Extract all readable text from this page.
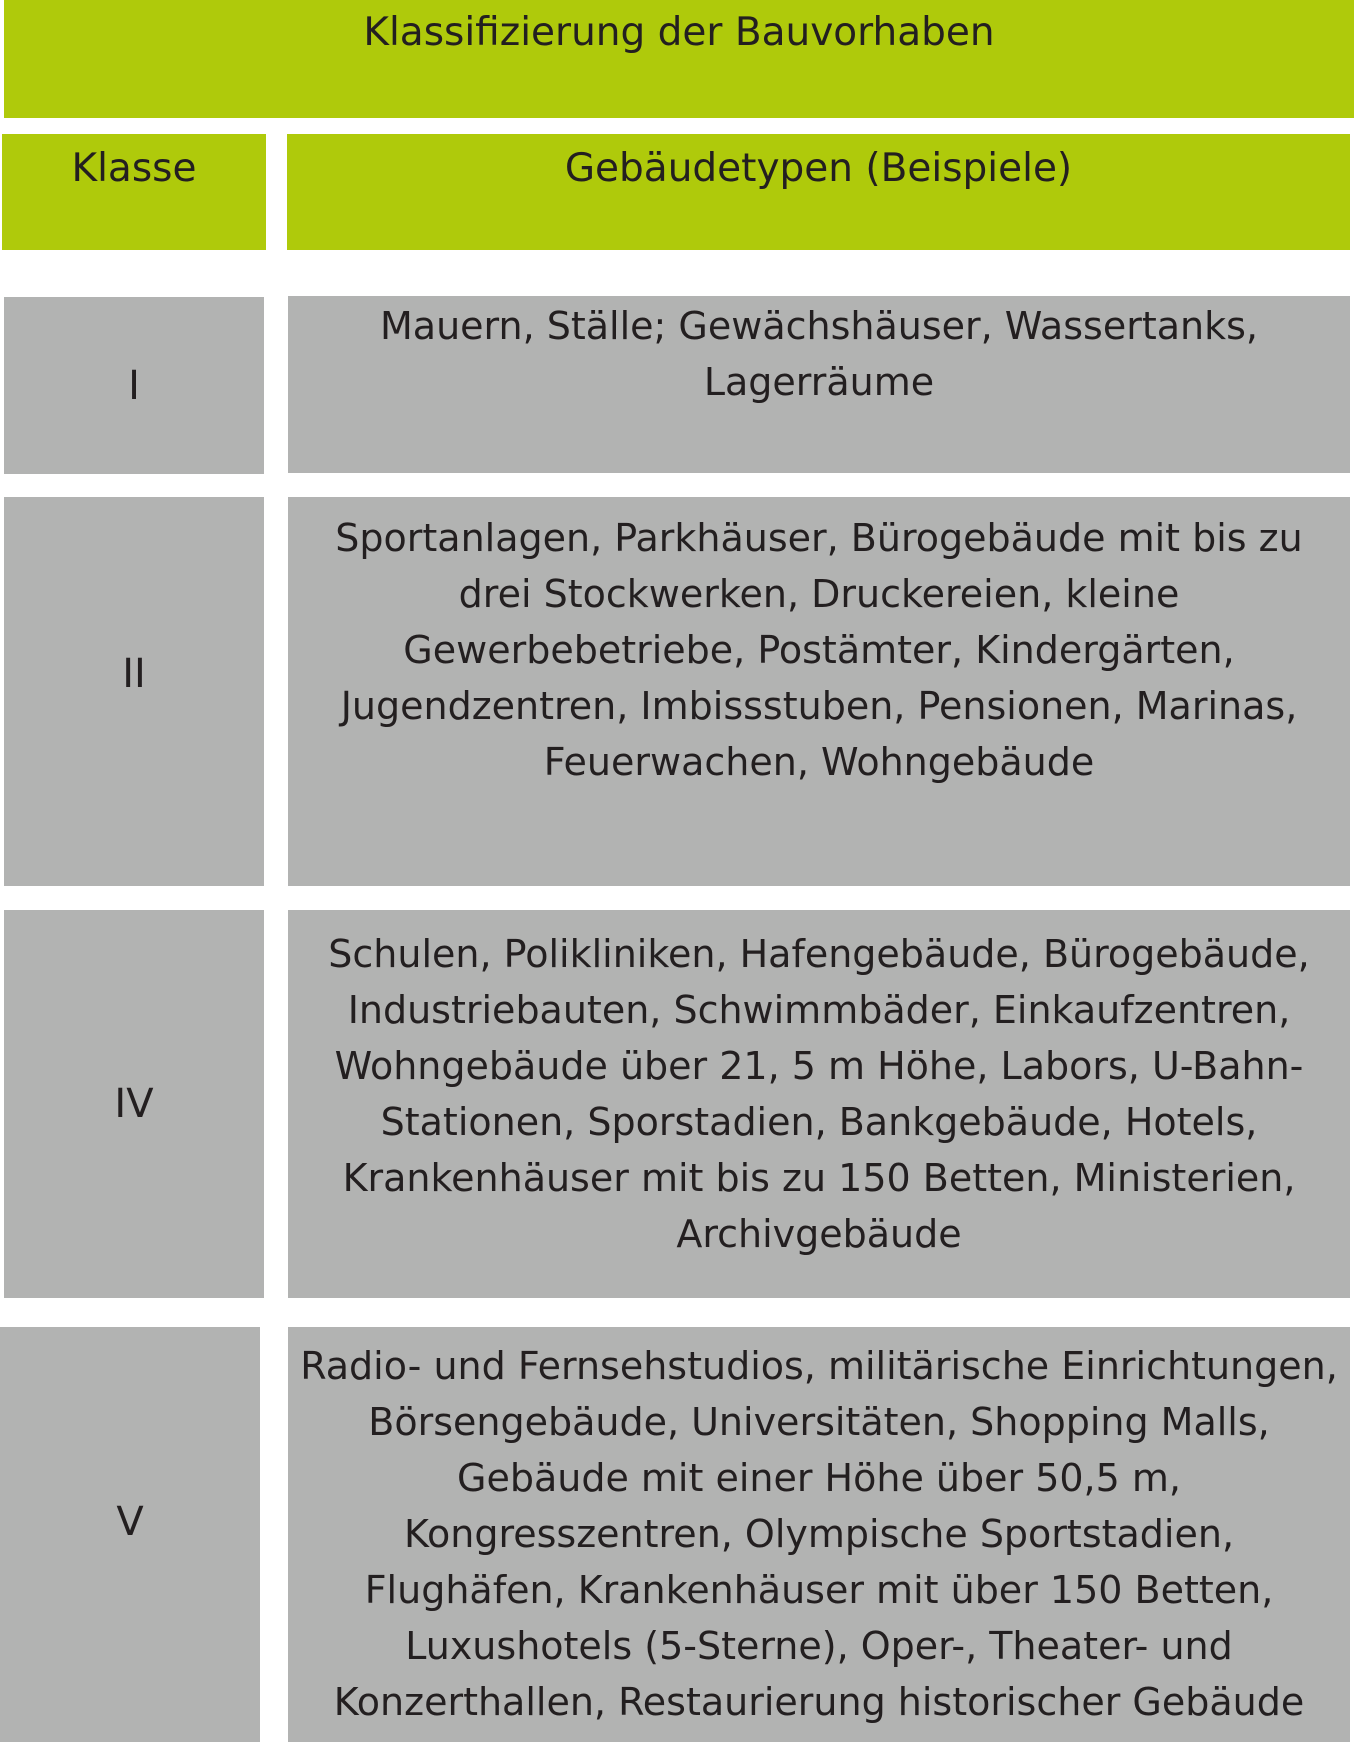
Klassifizierung der Bauvorhaben
Klasse	Gebäudetypen (Beispiele)
I
Mauern, Ställe; Gewächshäuser, Wassertanks, Lagerräume
II
Sportanlagen, Parkhäuser, Bürogebäude mit bis zu drei Stockwerken, Druckereien, kleine Gewerbebetriebe, Postämter, Kindergärten, Jugendzentren, Imbissstuben, Pensionen, Marinas, Feuerwachen, Wohngebäude
IV
Schulen, Polikliniken, Hafengebäude, Bürogebäude, Industriebauten, Schwimmbäder, Einkaufzentren, Wohngebäude über 21, 5 m Höhe, Labors, U-Bahn-Stationen, Sporstadien, Bankgebäude, Hotels, Krankenhäuser mit bis zu 150 Betten, Ministerien, Archivgebäude
V
Radio- und Fernsehstudios, militärische Einrichtungen, Börsengebäude, Universitäten, Shopping Malls, Gebäude mit einer Höhe über 50,5 m, Kongresszentren, Olympische Sportstadien, Flughäfen, Krankenhäuser mit über 150 Betten, Luxushotels (5-Sterne), Oper-, Theater- und Konzerthallen, Restaurierung historischer Gebäude
